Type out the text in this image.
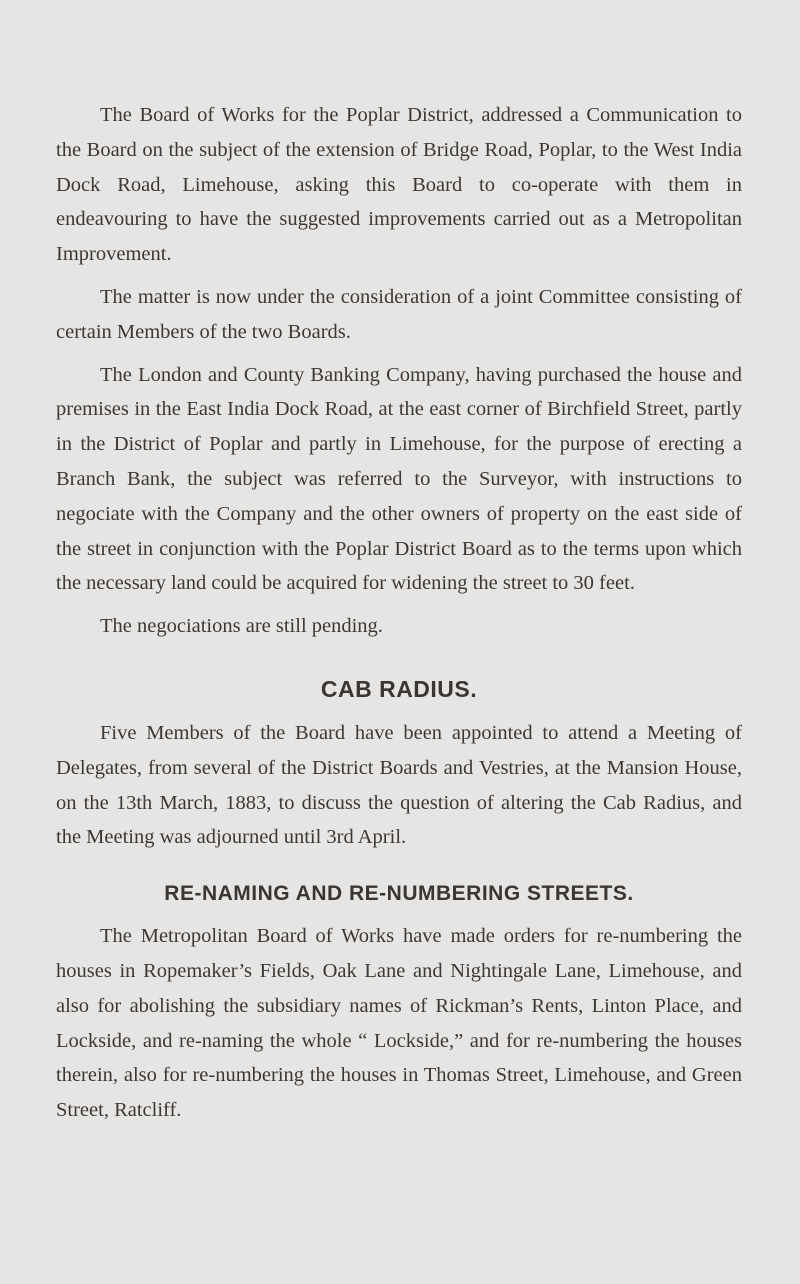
The Board of Works for the Poplar District, addressed a Communication to the Board on the subject of the extension of Bridge Road, Poplar, to the West India Dock Road, Limehouse, asking this Board to co-operate with them in endeavouring to have the suggested improvements carried out as a Metropolitan Improvement.

The matter is now under the consideration of a joint Committee consisting of certain Members of the two Boards.

The London and County Banking Company, having purchased the house and premises in the East India Dock Road, at the east corner of Birchfield Street, partly in the District of Poplar and partly in Limehouse, for the purpose of erecting a Branch Bank, the subject was referred to the Surveyor, with instructions to negociate with the Company and the other owners of property on the east side of the street in conjunction with the Poplar District Board as to the terms upon which the necessary land could be acquired for widening the street to 30 feet.

The negociations are still pending.

CAB RADIUS.

Five Members of the Board have been appointed to attend a Meeting of Delegates, from several of the District Boards and Vestries, at the Mansion House, on the 13th March, 1883, to discuss the question of altering the Cab Radius, and the Meeting was adjourned until 3rd April.

RE-NAMING AND RE-NUMBERING STREETS.

The Metropolitan Board of Works have made orders for re-numbering the houses in Ropemaker’s Fields, Oak Lane and Nightingale Lane, Limehouse, and also for abolishing the subsidiary names of Rickman’s Rents, Linton Place, and Lockside, and re-naming the whole “ Lockside,” and for re-numbering the houses therein, also for re-numbering the houses in Thomas Street, Limehouse, and Green Street, Ratcliff.
